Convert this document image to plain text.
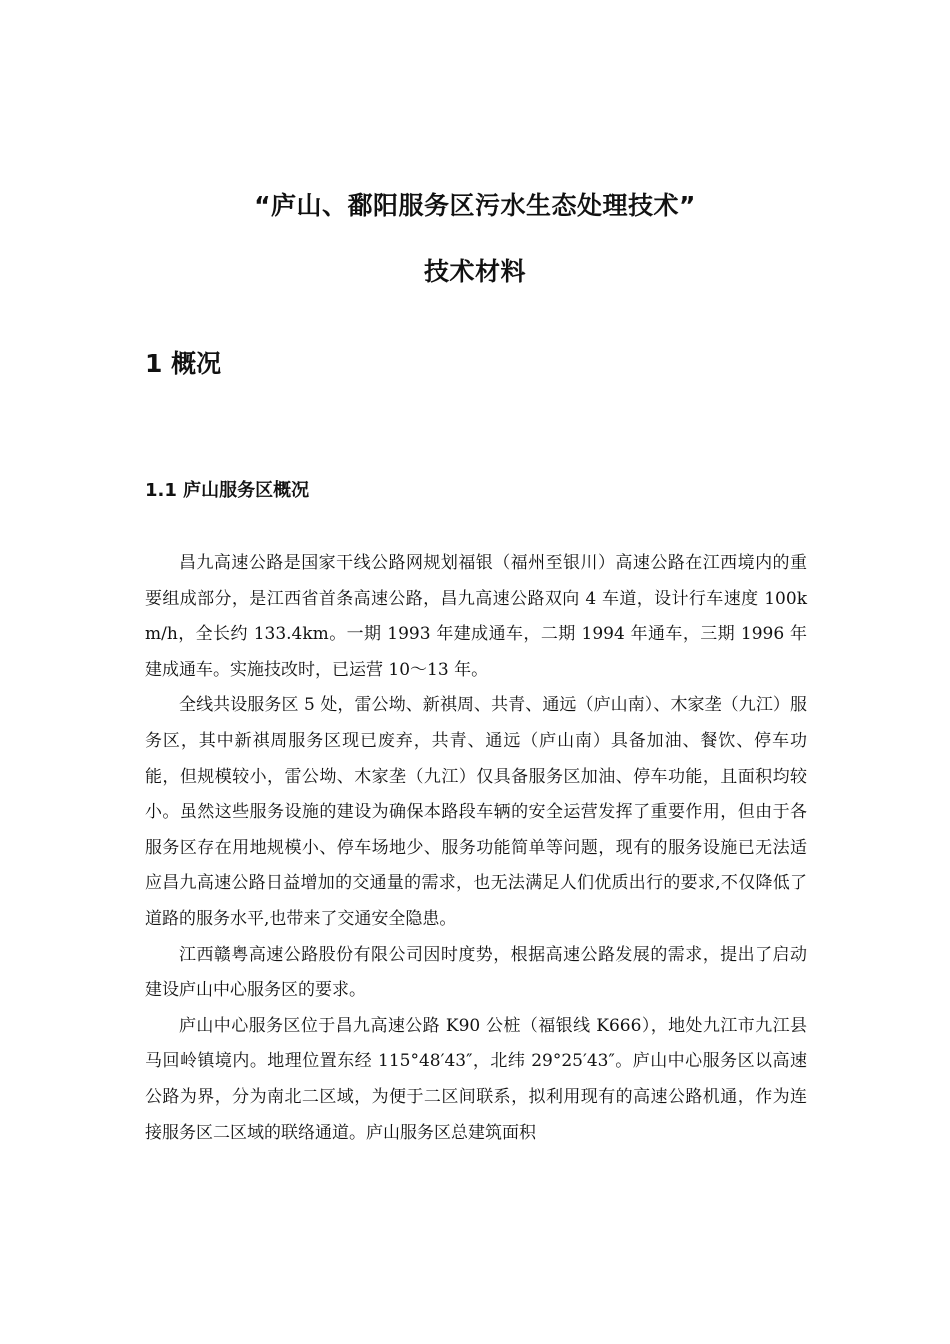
“庐山、鄱阳服务区污水生态处理技术”
技术材料
1 概况
1.1 庐山服务区概况

昌九高速公路是国家干线公路网规划福银（福州至银川）高速公路在江西境内的重要组成部分，是江西省首条高速公路，昌九高速公路双向 4 车道，设计行车速度 100km/h，全长约 133.4km。一期 1993 年建成通车，二期 1994 年通车，三期 1996 年建成通车。实施技改时，已运营 10～13 年。

全线共设服务区 5 处，雷公坳、新祺周、共青、通远（庐山南）、木家垄（九江）服务区，其中新祺周服务区现已废弃，共青、通远（庐山南）具备加油、餐饮、停车功能，但规模较小，雷公坳、木家垄（九江）仅具备服务区加油、停车功能，且面积均较小。虽然这些服务设施的建设为确保本路段车辆的安全运营发挥了重要作用，但由于各服务区存在用地规模小、停车场地少、服务功能简单等问题，现有的服务设施已无法适应昌九高速公路日益增加的交通量的需求，也无法满足人们优质出行的要求,不仅降低了道路的服务水平,也带来了交通安全隐患。

江西赣粤高速公路股份有限公司因时度势，根据高速公路发展的需求，提出了启动建设庐山中心服务区的要求。

庐山中心服务区位于昌九高速公路 K90 公桩（福银线 K666），地处九江市九江县马回岭镇境内。地理位置东经 115°48′43″，北纬 29°25′43″。庐山中心服务区以高速公路为界，分为南北二区域，为便于二区间联系，拟利用现有的高速公路机通，作为连接服务区二区域的联络通道。庐山服务区总建筑面积
